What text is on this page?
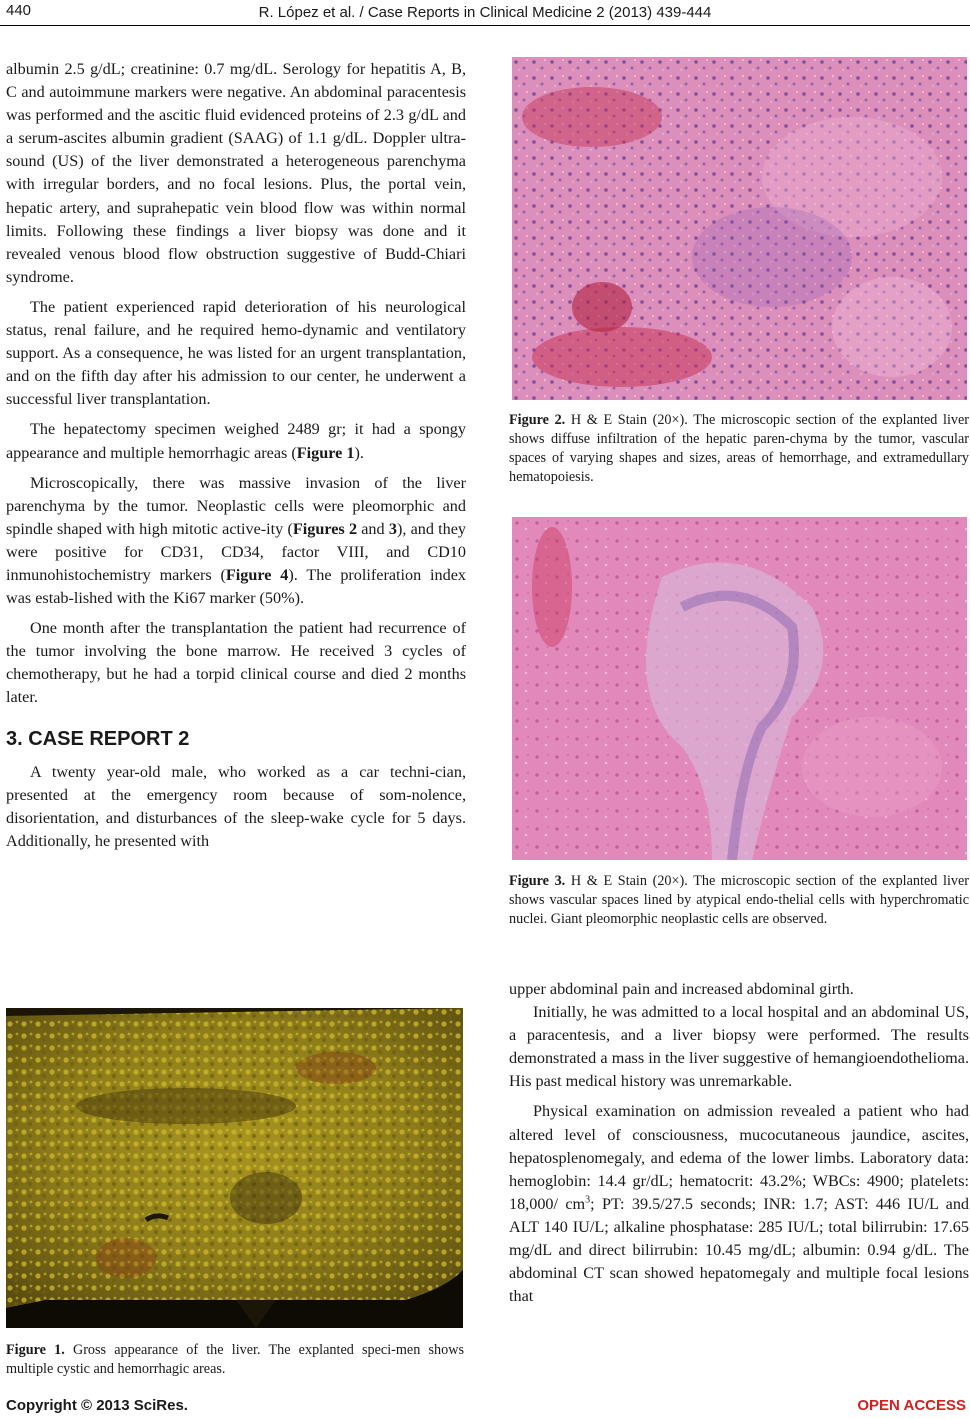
440	R. López et al. / Case Reports in Clinical Medicine 2 (2013) 439-444

albumin 2.5 g/dL; creatinine: 0.7 mg/dL. Serology for hepatitis A, B, C and autoimmune markers were negative. An abdominal paracentesis was performed and the ascitic fluid evidenced proteins of 2.3 g/dL and a serum-ascites albumin gradient (SAAG) of 1.1 g/dL. Doppler ultra-sound (US) of the liver demonstrated a heterogeneous parenchyma with irregular borders, and no focal lesions. Plus, the portal vein, hepatic artery, and suprahepatic vein blood flow was within normal limits. Following these findings a liver biopsy was done and it revealed venous blood flow obstruction suggestive of Budd-Chiari syndrome.

The patient experienced rapid deterioration of his neurological status, renal failure, and he required hemo-dynamic and ventilatory support. As a consequence, he was listed for an urgent transplantation, and on the fifth day after his admission to our center, he underwent a successful liver transplantation.

The hepatectomy specimen weighed 2489 gr; it had a spongy appearance and multiple hemorrhagic areas (Figure 1).

Microscopically, there was massive invasion of the liver parenchyma by the tumor. Neoplastic cells were pleomorphic and spindle shaped with high mitotic active-ity (Figures 2 and 3), and they were positive for CD31, CD34, factor VIII, and CD10 inmunohistochemistry markers (Figure 4). The proliferation index was estab-lished with the Ki67 marker (50%).

One month after the transplantation the patient had recurrence of the tumor involving the bone marrow. He received 3 cycles of chemotherapy, but he had a torpid clinical course and died 2 months later.

3. CASE REPORT 2

A twenty year-old male, who worked as a car techni-cian, presented at the emergency room because of som-nolence, disorientation, and disturbances of the sleep-wake cycle for 5 days. Additionally, he presented with

Figure 1. Gross appearance of the liver. The explanted speci-men shows multiple cystic and hemorrhagic areas.

Figure 2. H & E Stain (20×). The microscopic section of the explanted liver shows diffuse infiltration of the hepatic paren-chyma by the tumor, vascular spaces of varying shapes and sizes, areas of hemorrhage, and extramedullary hematopoiesis.

Figure 3. H & E Stain (20×). The microscopic section of the explanted liver shows vascular spaces lined by atypical endo-thelial cells with hyperchromatic nuclei. Giant pleomorphic neoplastic cells are observed.

upper abdominal pain and increased abdominal girth.

Initially, he was admitted to a local hospital and an abdominal US, a paracentesis, and a liver biopsy were performed. The results demonstrated a mass in the liver suggestive of hemangioendothelioma. His past medical history was unremarkable.

Physical examination on admission revealed a patient who had altered level of consciousness, mucocutaneous jaundice, ascites, hepatosplenomegaly, and edema of the lower limbs. Laboratory data: hemoglobin: 14.4 gr/dL; hematocrit: 43.2%; WBCs: 4900; platelets: 18,000/ $cm^3$; PT: 39.5/27.5 seconds; INR: 1.7; AST: 446 IU/L and ALT 140 IU/L; alkaline phosphatase: 285 IU/L; total bilirrubin: 17.65 mg/dL and direct bilirrubin: 10.45 mg/dL; albumin: 0.94 g/dL. The abdominal CT scan showed hepatomegaly and multiple focal lesions that

Copyright © 2013 SciRes.	OPEN ACCESS
